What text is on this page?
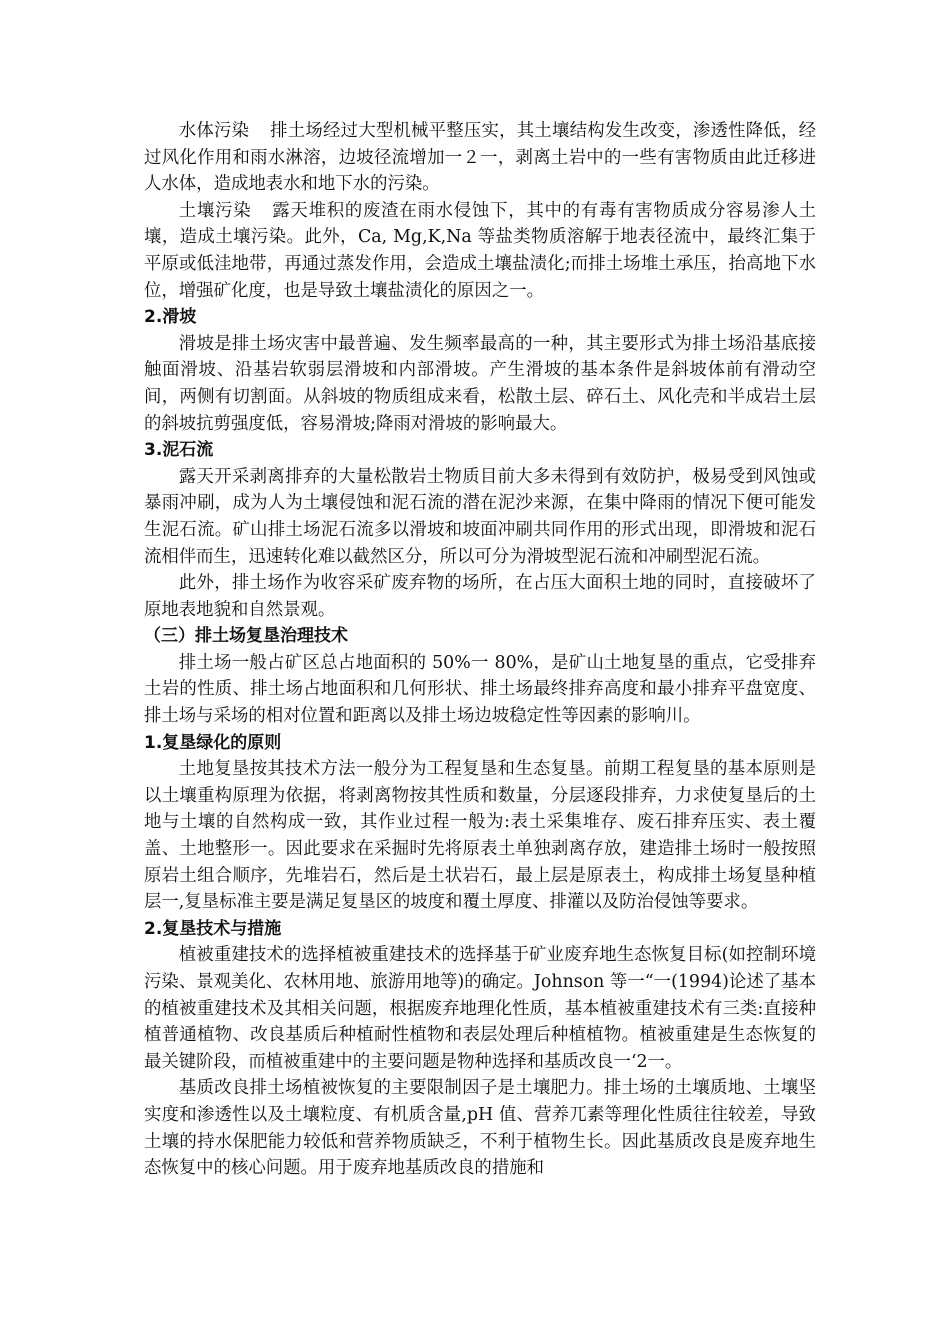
水体污染 排土场经过大型机械平整压实，其土壤结构发生改变，渗透性降低，经过风化作用和雨水淋溶，边坡径流增加一２一，剥离土岩中的一些有害物质由此迁移进人水体，造成地表水和地下水的污染。

土壤污染 露天堆积的废渣在雨水侵蚀下，其中的有毒有害物质成分容易渗人土壤，造成土壤污染。此外，Ca, Mg,K,Na 等盐类物质溶解于地表径流中，最终汇集于平原或低洼地带，再通过蒸发作用，会造成土壤盐渍化;而排土场堆土承压，抬高地下水位，增强矿化度，也是导致土壤盐渍化的原因之一。

2.滑坡

滑坡是排土场灾害中最普遍、发生频率最高的一种，其主要形式为排土场沿基底接触面滑坡、沿基岩软弱层滑坡和内部滑坡。产生滑坡的基本条件是斜坡体前有滑动空间，两侧有切割面。从斜坡的物质组成来看，松散土层、碎石土、风化壳和半成岩土层的斜坡抗剪强度低，容易滑坡;降雨对滑坡的影响最大。

3.泥石流

露天开采剥离排弃的大量松散岩土物质目前大多未得到有效防护，极易受到风蚀或暴雨冲刷，成为人为土壤侵蚀和泥石流的潜在泥沙来源，在集中降雨的情况下便可能发生泥石流。矿山排土场泥石流多以滑坡和坡面冲刷共同作用的形式出现，即滑坡和泥石流相伴而生，迅速转化难以截然区分，所以可分为滑坡型泥石流和冲刷型泥石流。

此外，排土场作为收容采矿废弃物的场所，在占压大面积土地的同时，直接破坏了原地表地貌和自然景观。

（三）排土场复垦治理技术

排土场一般占矿区总占地面积的 50%一 80%，是矿山土地复垦的重点，它受排弃土岩的性质、排土场占地面积和几何形状、排土场最终排弃高度和最小排弃平盘宽度、排土场与采场的相对位置和距离以及排土场边坡稳定性等因素的影响川。

1.复垦绿化的原则

土地复垦按其技术方法一般分为工程复垦和生态复垦。前期工程复垦的基本原则是以土壤重构原理为依据，将剥离物按其性质和数量，分层逐段排弃，力求使复垦后的土地与土壤的自然构成一致，其作业过程一般为:表土采集堆存、废石排弃压实、表土覆盖、土地整形一。因此要求在采掘时先将原表土单独剥离存放，建造排土场时一般按照原岩土组合顺序，先堆岩石，然后是土状岩石，最上层是原表土，构成排土场复垦种植层一,复垦标准主要是满足复垦区的坡度和覆土厚度、排灌以及防治侵蚀等要求。

2.复垦技术与措施

植被重建技术的选择植被重建技术的选择基于矿业废弃地生态恢复目标(如控制环境污染、景观美化、农林用地、旅游用地等)的确定。Johnson 等一“一(1994)论述了基本的植被重建技术及其相关问题，根据废弃地理化性质，基本植被重建技术有三类:直接种植普通植物、改良基质后种植耐性植物和表层处理后种植植物。植被重建是生态恢复的最关键阶段，而植被重建中的主要问题是物种选择和基质改良一‘2一。

基质改良排土场植被恢复的主要限制因子是土壤肥力。排土场的土壤质地、土壤坚实度和渗透性以及土壤粒度、有机质含量,pH 值、营养兀素等理化性质往往较差，导致土壤的持水保肥能力较低和营养物质缺乏，不利于植物生长。因此基质改良是废弃地生态恢复中的核心问题。用于废弃地基质改良的措施和
